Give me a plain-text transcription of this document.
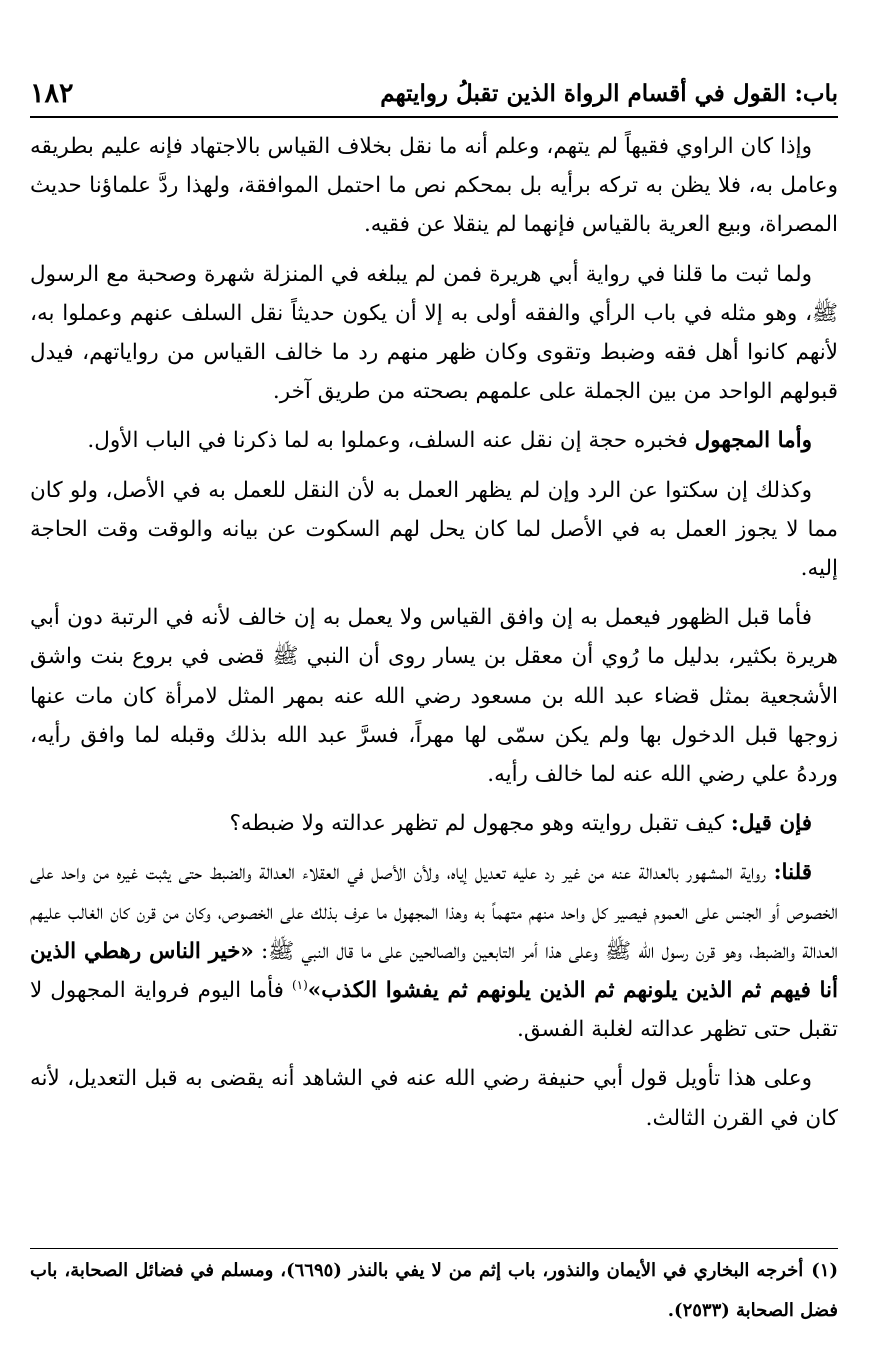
باب: القول في أقسام الرواة الذين تقبلُ روايتهم
١٨٢

وإذا كان الراوي فقيهاً لم يتهم، وعلم أنه ما نقل بخلاف القياس بالاجتهاد فإنه عليم بطريقه وعامل به، فلا يظن به تركه برأيه بل بمحكم نص ما احتمل الموافقة، ولهذا ردَّ علماؤنا حديث المصراة، وبيع العرية بالقياس فإنهما لم ينقلا عن فقيه.

ولما ثبت ما قلنا في رواية أبي هريرة فمن لم يبلغه في المنزلة شهرة وصحبة مع الرسول ﷺ، وهو مثله في باب الرأي والفقه أولى به إلا أن يكون حديثاً نقل السلف عنهم وعملوا به، لأنهم كانوا أهل فقه وضبط وتقوى وكان ظهر منهم رد ما خالف القياس من رواياتهم، فيدل قبولهم الواحد من بين الجملة على علمهم بصحته من طريق آخر.

وأما المجهول فخبره حجة إن نقل عنه السلف، وعملوا به لما ذكرنا في الباب الأول.

وكذلك إن سكتوا عن الرد وإن لم يظهر العمل به لأن النقل للعمل به في الأصل، ولو كان مما لا يجوز العمل به في الأصل لما كان يحل لهم السكوت عن بيانه والوقت وقت الحاجة إليه.

فأما قبل الظهور فيعمل به إن وافق القياس ولا يعمل به إن خالف لأنه في الرتبة دون أبي هريرة بكثير، بدليل ما رُوي أن معقل بن يسار روى أن النبي ﷺ قضى في بروع بنت واشق الأشجعية بمثل قضاء عبد الله بن مسعود رضي الله عنه بمهر المثل لامرأة كان مات عنها زوجها قبل الدخول بها ولم يكن سمّى لها مهراً، فسرَّ عبد الله بذلك وقبله لما وافق رأيه، وردهُ علي رضي الله عنه لما خالف رأيه.

فإن قيل: كيف تقبل روايته وهو مجهول لم تظهر عدالته ولا ضبطه؟

قلنا: رواية المشهور بالعدالة عنه من غير رد عليه تعديل إياه، ولأن الأصل في العقلاء العدالة والضبط حتى يثبت غيره من واحد على الخصوص أو الجنس على العموم فيصير كل واحد منهم متهماً به وهذا المجهول ما عرف بذلك على الخصوص، وكان من قرن كان الغالب عليهم العدالة والضبط، وهو قرن رسول الله ﷺ وعلى هذا أمر التابعين والصالحين على ما قال النبي ﷺ: «خير الناس رهطي الذين أنا فيهم ثم الذين يلونهم ثم الذين يلونهم ثم يفشوا الكذب»$^{(١)}$ فأما اليوم فرواية المجهول لا تقبل حتى تظهر عدالته لغلبة الفسق.

وعلى هذا تأويل قول أبي حنيفة رضي الله عنه في الشاهد أنه يقضى به قبل التعديل، لأنه كان في القرن الثالث.

(١)أخرجه البخاري في الأيمان والنذور، باب إثم من لا يفي بالنذر (٦٦٩٥)، ومسلم في فضائل الصحابة، باب فضل الصحابة (٢٥٣٣).
